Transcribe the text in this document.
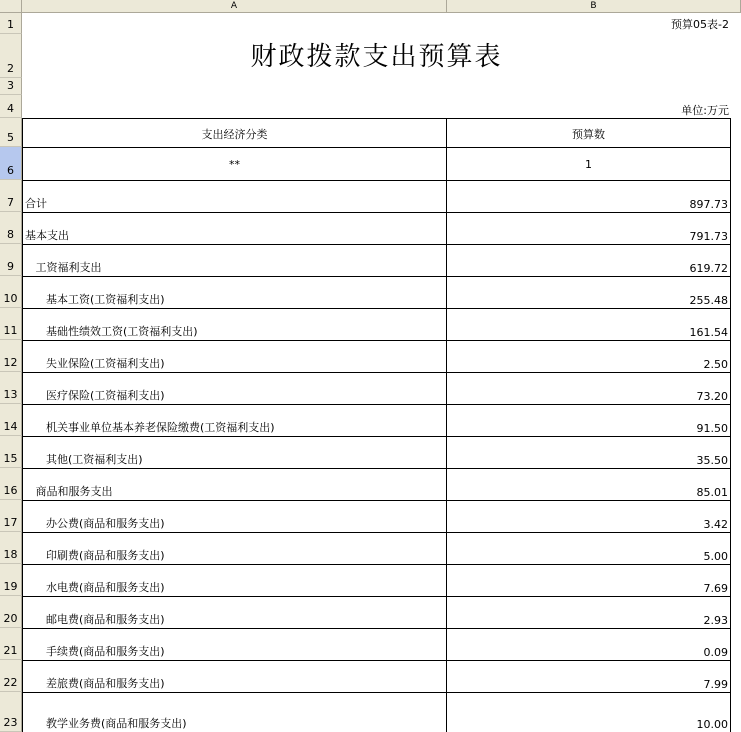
A	B
1
2
3
4
5
6
7
8
9
10
11
12
13
14
15
16
17
18
19
20
21
22
23
预算05表-2
财政拨款支出预算表
单位:万元
支出经济分类	预算数
**	1
合计	897.73
基本支出	791.73
工资福利支出	619.72
基本工资(工资福利支出)	255.48
基础性绩效工资(工资福利支出)	161.54
失业保险(工资福利支出)	2.50
医疗保险(工资福利支出)	73.20
机关事业单位基本养老保险缴费(工资福利支出)	91.50
其他(工资福利支出)	35.50
商品和服务支出	85.01
办公费(商品和服务支出)	3.42
印刷费(商品和服务支出)	5.00
水电费(商品和服务支出)	7.69
邮电费(商品和服务支出)	2.93
手续费(商品和服务支出)	0.09
差旅费(商品和服务支出)	7.99
教学业务费(商品和服务支出)	10.00
